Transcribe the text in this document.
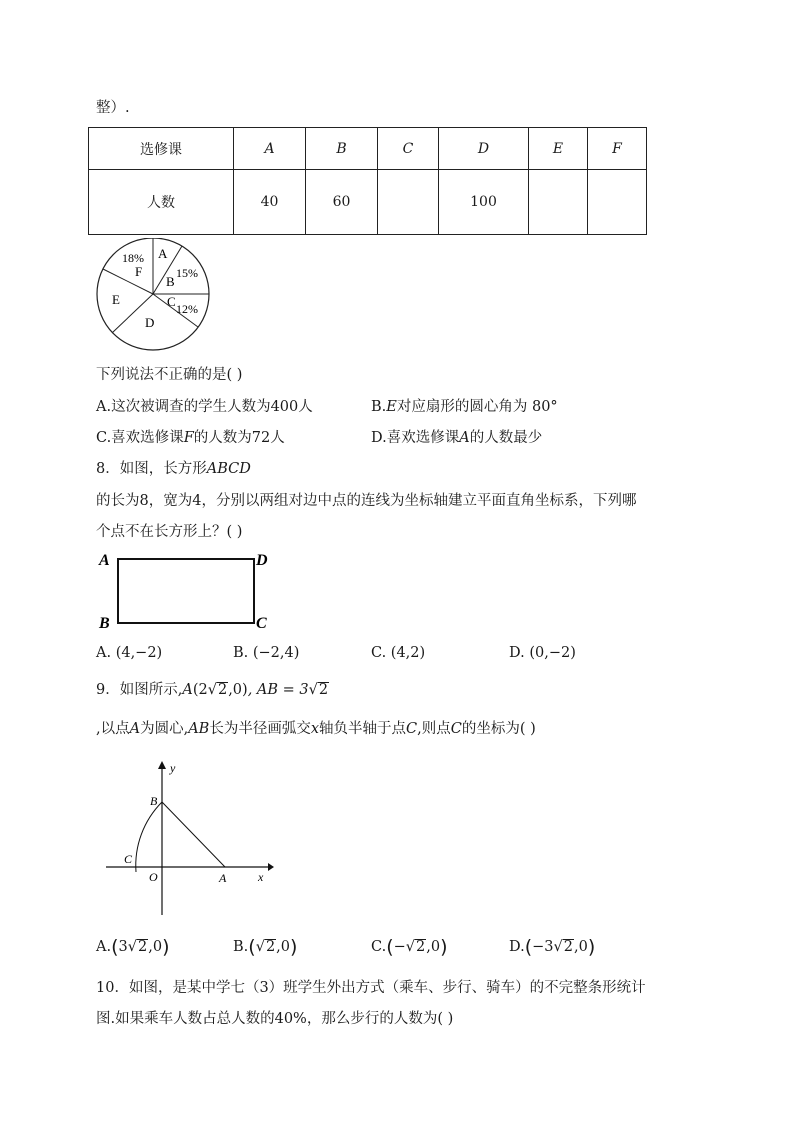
整）.
选修课	A	B	C	D	E	F
人数	40	60		100		
A
B
15%
C 12%
D
E
18%
F
下列说法不正确的是( )
A.这次被调查的学生人数为400人	B.E对应扇形的圆心角为 80°
C.喜欢选修课F的人数为72人	D.喜欢选修课A的人数最少
8．如图，长方形ABCD
的长为8，宽为4，分别以两组对边中点的连线为坐标轴建立平面直角坐标系，下列哪
个点不在长方形上？( )
A	D
B	C
A. (4,−2)	B. (−2,4)	C. (4,2)	D. (0,−2)
9．如图所示,A(2√2,0), AB = 3√2
,以点A为圆心,AB长为半径画弧交x轴负半轴于点C,则点C的坐标为( )
y
x
B
C
O	A
A.(3√2,0)	B.(√2,0)	C.(−√2,0)	D.(−3√2,0)
10．如图，是某中学七（3）班学生外出方式（乘车、步行、骑车）的不完整条形统计
图.如果乘车人数占总人数的40%，那么步行的人数为( )
